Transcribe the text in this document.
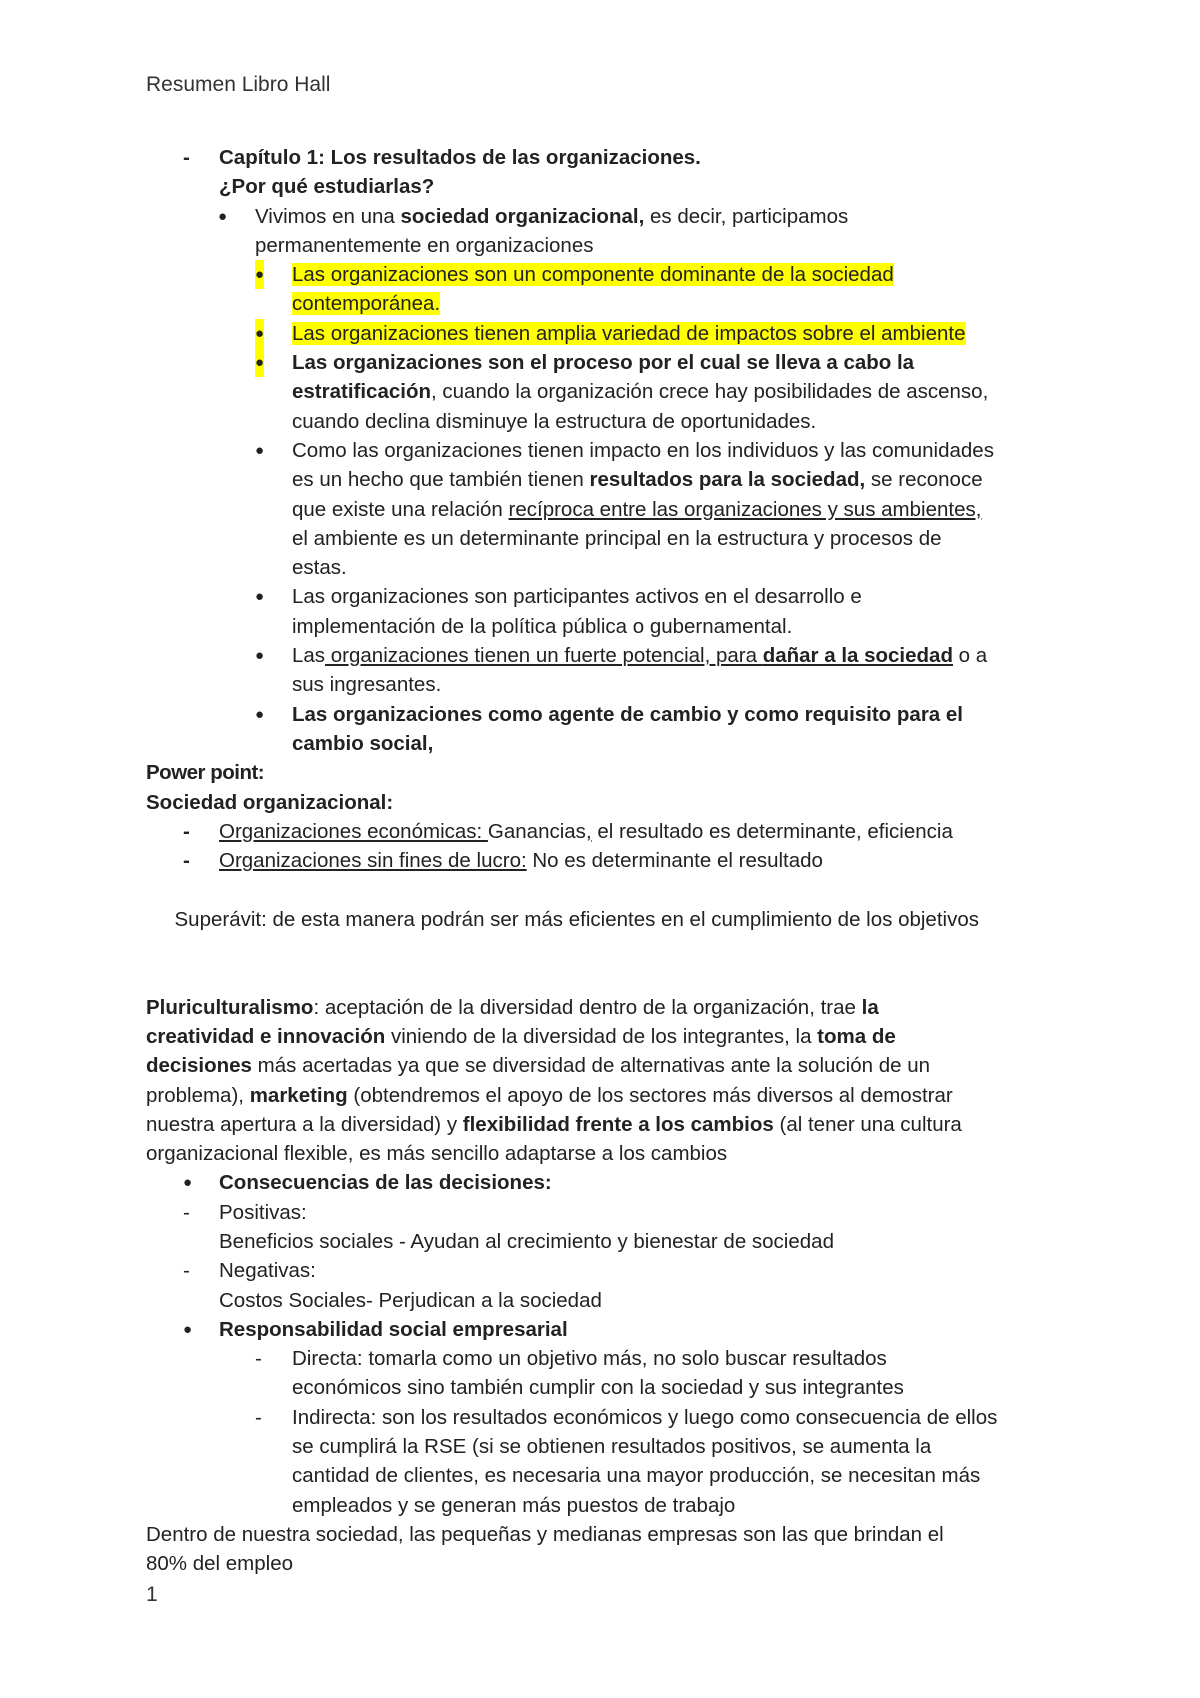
Resumen Libro Hall
- Capítulo 1: Los resultados de las organizaciones.
¿Por qué estudiarlas?
● Vivimos en una sociedad organizacional, es decir, participamos
permanentemente en organizaciones
● Las organizaciones son un componente dominante de la sociedad
contemporánea.
● Las organizaciones tienen amplia variedad de impactos sobre el ambiente
● Las organizaciones son el proceso por el cual se lleva a cabo la
estratificación, cuando la organización crece hay posibilidades de ascenso,
cuando declina disminuye la estructura de oportunidades.
● Como las organizaciones tienen impacto en los individuos y las comunidades
es un hecho que también tienen resultados para la sociedad, se reconoce
que existe una relación recíproca entre las organizaciones y sus ambientes,
el ambiente es un determinante principal en la estructura y procesos de
estas.
● Las organizaciones son participantes activos en el desarrollo e
implementación de la política pública o gubernamental.
● Las organizaciones tienen un fuerte potencial, para dañar a la sociedad o a
sus ingresantes.
● Las organizaciones como agente de cambio y como requisito para el
cambio social,
Power point:
Sociedad organizacional:
- Organizaciones económicas: Ganancias, el resultado es determinante, eficiencia
- Organizaciones sin fines de lucro: No es determinante el resultado

Superávit: de esta manera podrán ser más eficientes en el cumplimiento de los objetivos

Pluriculturalismo: aceptación de la diversidad dentro de la organización, trae la
creatividad e innovación viniendo de la diversidad de los integrantes, la toma de
decisiones más acertadas ya que se diversidad de alternativas ante la solución de un
problema), marketing (obtendremos el apoyo de los sectores más diversos al demostrar
nuestra apertura a la diversidad) y flexibilidad frente a los cambios (al tener una cultura
organizacional flexible, es más sencillo adaptarse a los cambios
● Consecuencias de las decisiones:
- Positivas:
Beneficios sociales - Ayudan al crecimiento y bienestar de sociedad
- Negativas:
Costos Sociales- Perjudican a la sociedad
● Responsabilidad social empresarial
- Directa: tomarla como un objetivo más, no solo buscar resultados
económicos sino también cumplir con la sociedad y sus integrantes
- Indirecta: son los resultados económicos y luego como consecuencia de ellos
se cumplirá la RSE (si se obtienen resultados positivos, se aumenta la
cantidad de clientes, es necesaria una mayor producción, se necesitan más
empleados y se generan más puestos de trabajo
Dentro de nuestra sociedad, las pequeñas y medianas empresas son las que brindan el
80% del empleo
1
